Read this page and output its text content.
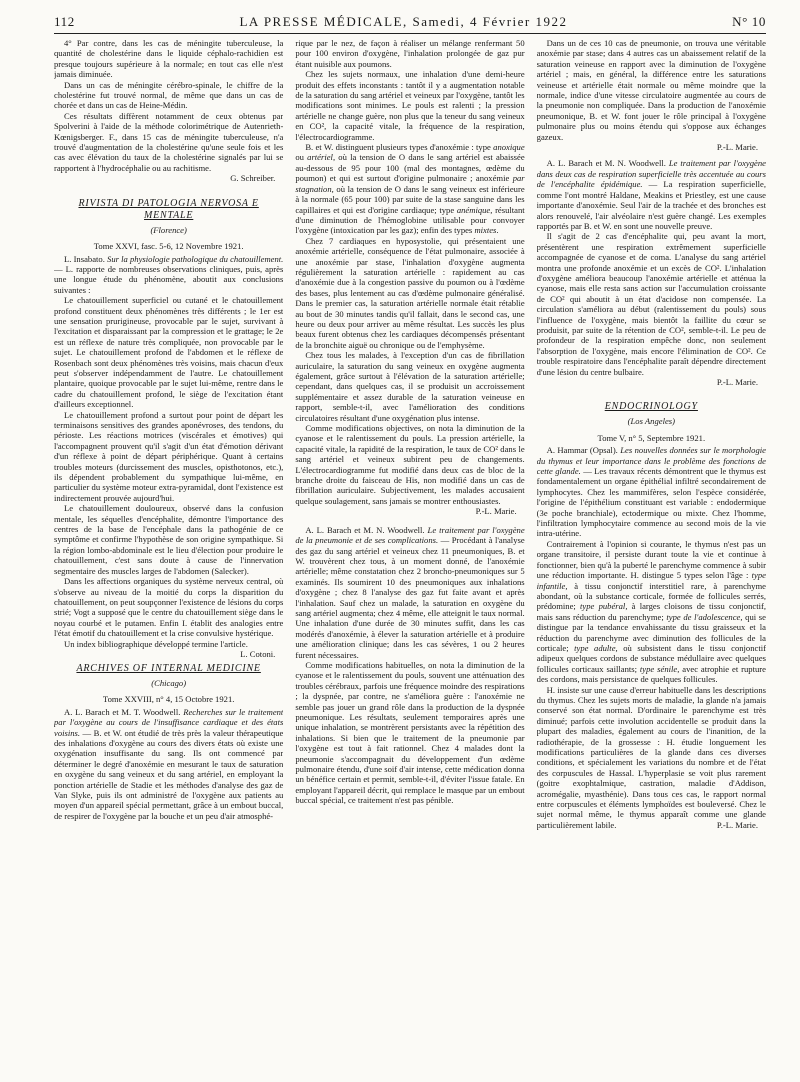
112	LA PRESSE MÉDICALE, Samedi, 4 Février 1922	N° 10

4° Par contre, dans les cas de méningite tuberculeuse, la quantité de cholestérine dans le liquide céphalo-rachidien est presque toujours supérieure à la normale; en tout cas elle n'est jamais diminuée.

Dans un cas de méningite cérébro-spinale, le chiffre de la cholestérine fut trouvé normal, de même que dans un cas de chorée et dans un cas de Heine-Médin.

Ces résultats diffèrent notamment de ceux obtenus par Spolverini à l'aide de la méthode colorimétrique de Autenrieth-Kœnigsberger. F., dans 15 cas de méningite tuberculeuse, n'a trouvé d'augmentation de la cholestérine qu'une seule fois et les cas avec élévation du taux de la cholestérine signalés par lui se rapportent à l'hydrocéphalie ou au rachitisme.

G. Schreiber.

RIVISTA DI PATOLOGIA NERVOSA E MENTALE

(Florence)

Tome XXVI, fasc. 5-6, 12 Novembre 1921.

L. Insabato. Sur la physiologie pathologique du chatouillement. — L. rapporte de nombreuses observations cliniques, puis, après une longue étude du phénomène, aboutit aux conclusions suivantes :

Le chatouillement superficiel ou cutané et le chatouillement profond constituent deux phénomènes très différents ; le 1er est une sensation prurigineuse, provocable par le sujet, survivant à l'excitation et disparaissant par la compression et le grattage; le 2e est un réflexe de nature très compliquée, non provocable par le sujet. Le chatouillement profond de l'abdomen et le réflexe de Rosenbach sont deux phénomènes très voisins, mais chacun d'eux peut s'observer indépendamment de l'autre. Le chatouillement plantaire, quoique provocable par le sujet lui-même, rentre dans le cadre du chatouillement profond, le siège de l'excitation étant d'ailleurs exceptionnel.

Le chatouillement profond a surtout pour point de départ les terminaisons sensitives des grandes aponévroses, des tendons, du périoste. Les réactions motrices (viscérales et émotives) qui l'accompagnent prouvent qu'il s'agit d'un état d'émotion dérivant d'un réflexe à point de départ périphérique. Quant à certains troubles moteurs (durcissement des muscles, opisthotonos, etc.), ils dépendent probablement du sympathique lui-même, en particulier du système moteur extra-pyramidal, dont l'existence est indirectement prouvée aujourd'hui.

Le chatouillement douloureux, observé dans la confusion mentale, les séquelles d'encéphalite, démontre l'importance des centres de la base de l'encéphale dans la pathogénie de ce symptôme et confirme l'hypothèse de son origine sympathique. Si la région lombo-abdominale est le lieu d'élection pour produire le chatouillement, c'est sans doute à cause de l'innervation segmentaire des muscles larges de l'abdomen (Salecker).

Dans les affections organiques du système nerveux central, où s'observe au niveau de la moitié du corps la disparition du chatouillement, on peut soupçonner l'existence de lésions du corps strié; Vogt a supposé que le centre du chatouillement siège dans le noyau courbé et le putamen. Enfin I. établit des analogies entre l'état émotif du chatouillement et la crise convulsive hystérique.

Un index bibliographique développé termine l'article.
L. Cotoni.

ARCHIVES OF INTERNAL MEDICINE

(Chicago)

Tome XXVIII, n° 4, 15 Octobre 1921.

A. L. Barach et M. T. Woodwell. Recherches sur le traitement par l'oxygène au cours de l'insuffisance cardiaque et des états voisins. — B. et W. ont étudié de très près la valeur thérapeutique des inhalations d'oxygène au cours des divers états où existe une oxygénation insuffisante du sang. Ils ont commencé par déterminer le degré d'anoxémie en mesurant le taux de saturation en oxygène du sang veineux et du sang artériel, en employant la ponction artérielle de Stadie et les méthodes d'analyse des gaz de Van Slyke, puis ils ont administré de l'oxygène aux patients au moyen d'un appareil spécial permettant, grâce à un embout buccal, de respirer de l'oxygène par la bouche et un peu d'air atmosphé-

rique par le nez, de façon à réaliser un mélange renfermant 50 pour 100 environ d'oxygène, l'inhalation prolongée de gaz pur étant nuisible aux poumons.

Chez les sujets normaux, une inhalation d'une demi-heure produit des effets inconstants : tantôt il y a augmentation notable de la saturation du sang artériel et veineux par l'oxygène, tantôt les modifications sont minimes. Le pouls est ralenti ; la pression artérielle ne change guère, non plus que la teneur du sang veineux en CO², la capacité vitale, la fréquence de la respiration, l'électrocardiogramme.

B. et W. distinguent plusieurs types d'anoxémie : type anoxique ou artériel, où la tension de O dans le sang artériel est abaissée au-dessous de 95 pour 100 (mal des montagnes, œdème du poumon) et qui est surtout d'origine pulmonaire ; anoxémie par stagnation, où la tension de O dans le sang veineux est inférieure à la normale (65 pour 100) par suite de la stase sanguine dans les capillaires et qui est d'origine cardiaque; type anémique, résultant d'une diminution de l'hémoglobine utilisable pour convoyer l'oxygène (intoxication par les gaz); enfin des types mixtes.

Chez 7 cardiaques en hyposystolie, qui présentaient une anoxémie artérielle, conséquence de l'état pulmonaire, associée à une anoxémie par stase, l'inhalation d'oxygène augmenta régulièrement la saturation artérielle : rapidement au cas d'anoxémie due à la congestion passive du poumon ou à l'œdème des bases, plus lentement au cas d'œdème pulmonaire généralisé. Dans le premier cas, la saturation artérielle normale était rétablie au bout de 30 minutes tandis qu'il fallait, dans le second cas, une heure ou deux pour arriver au même résultat. Les succès les plus beaux furent obtenus chez les cardiaques décompensés présentant de la bronchite aiguë ou chronique ou de l'emphysème.

Chez tous les malades, à l'exception d'un cas de fibrillation auriculaire, la saturation du sang veineux en oxygène augmenta également, grâce surtout à l'élévation de la saturation artérielle; cependant, dans quelques cas, il se produisit un accroissement supplémentaire et assez durable de la saturation veineuse en rapport, semble-t-il, avec l'amélioration des conditions circulatoires résultant d'une oxygénation plus intense.

Comme modifications objectives, on nota la diminution de la cyanose et le ralentissement du pouls. La pression artérielle, la capacité vitale, la rapidité de la respiration, le taux de CO² dans le sang artériel et veineux subirent peu de changements. L'électrocardiogramme fut modifié dans deux cas de bloc de la branche droite du faisceau de His, non modifié dans un cas de fibrillation auriculaire. Subjectivement, les malades accusaient quelque soulagement, sans jamais se montrer enthousiastes.

P.-L. Marie.

A. L. Barach et M. N. Woodwell. Le traitement par l'oxygène de la pneumonie et de ses complications. — Procédant à l'analyse des gaz du sang artériel et veineux chez 11 pneumoniques, B. et W. trouvèrent chez tous, à un moment donné, de l'anoxémie artérielle; même constatation chez 2 broncho-pneumoniques sur 5 examinés. Ils soumirent 10 des pneumoniques aux inhalations d'oxygène ; chez 8 l'analyse des gaz fut faite avant et après l'inhalation. Sauf chez un malade, la saturation en oxygène du sang artériel augmenta; chez 4 même, elle atteignit le taux normal. Une inhalation d'une durée de 30 minutes suffit, dans les cas modérés d'anoxémie, à élever la saturation artérielle et à produire une amélioration clinique; dans les cas sévères, 1 ou 2 heures furent nécessaires.

Comme modifications habituelles, on nota la diminution de la cyanose et le ralentissement du pouls, souvent une atténuation des troubles cérébraux, parfois une fréquence moindre des respirations ; la dyspnée, par contre, ne s'améliora guère : l'anoxémie ne semble pas jouer un grand rôle dans la production de la dyspnée pneumonique. Les résultats, seulement temporaires après une unique inhalation, se montrèrent persistants avec la répétition des inhalations. Si bien que le traitement de la pneumonie par l'oxygène est tout à fait rationnel. Chez 4 malades dont la pneumonie s'accompagnait du développement d'un œdème pulmonaire étendu, d'une soif d'air intense, cette médication donna un bénéfice certain et permit, semble-t-il, d'éviter l'issue fatale. En employant l'appareil décrit, qui remplace le masque par un embout buccal spécial, ce traitement n'est pas pénible.

Dans un de ces 10 cas de pneumonie, on trouva une véritable anoxémie par stase; dans 4 autres cas un abaissement relatif de la saturation veineuse en rapport avec la diminution de l'oxygène artériel ; mais, en général, la différence entre les saturations veineuse et artérielle était normale ou même moindre que la normale, indice d'une vitesse circulatoire augmentée au cours de la pneumonie non compliquée. Dans la production de l'anoxémie pneumonique, B. et W. font jouer le rôle principal à l'oxygène pulmonaire plus ou moins étendu qui s'oppose aux échanges gazeux.

P.-L. Marie.

A. L. Barach et M. N. Woodwell. Le traitement par l'oxygène dans deux cas de respiration superficielle très accentuée au cours de l'encéphalite épidémique. — La respiration superficielle, comme l'ont montré Haldane, Meakins et Priestley, est une cause importante d'anoxémie. Seul l'air de la trachée et des bronches est alors renouvelé, l'air alvéolaire n'est guère changé. Les exemples rapportés par B. et W. en sont une nouvelle preuve.

Il s'agit de 2 cas d'encéphalite qui, peu avant la mort, présentèrent une respiration extrêmement superficielle accompagnée de cyanose et de coma. L'analyse du sang artériel montra une profonde anoxémie et un excès de CO². L'inhalation d'oxygène améliora beaucoup l'anoxémie artérielle et atténua la cyanose, mais elle resta sans action sur l'accumulation croissante de CO² qui aboutit à un état d'acidose non compensée. La circulation s'améliora au début (ralentissement du pouls) sous l'influence de l'oxygène, mais bientôt la faillite du cœur se produisit, par suite de la rétention de CO², semble-t-il. Le peu de profondeur de la respiration empêche donc, non seulement l'absorption de l'oxygène, mais encore l'élimination de CO². Ce trouble respiratoire dans l'encéphalite paraît dépendre directement d'une lésion du centre bulbaire.

P.-L. Marie.

ENDOCRINOLOGY

(Los Angeles)

Tome V, n° 5, Septembre 1921.

A. Hammar (Opsal). Les nouvelles données sur le morphologie du thymus et leur importance dans le problème des fonctions de cette glande. — Les travaux récents démontrent que le thymus est fondamentalement un organe épithélial infiltré secondairement de lymphocytes. Chez les mammifères, selon l'espèce considérée, l'origine de l'épithélium constituant est variable : endodermique (3e poche branchiale), ectodermique ou mixte. Chez l'homme, l'infiltration lymphocytaire commence au second mois de la vie intra-utérine.

Contrairement à l'opinion si courante, le thymus n'est pas un organe transitoire, il persiste durant toute la vie et continue à fonctionner, bien qu'à la puberté le parenchyme commence à subir une réduction importante. H. distingue 5 types selon l'âge : type infantile, à tissu conjonctif interstitiel rare, à parenchyme abondant, où la substance corticale, formée de follicules serrés, prédomine; type pubéral, à larges cloisons de tissu conjonctif, mais sans réduction du parenchyme; type de l'adolescence, qui se distingue par la tendance envahissante du tissu graisseux et la réduction du parenchyme avec diminution des follicules de la corticale; type adulte, où subsistent dans le tissu conjonctif adipeux quelques cordons de substance médullaire avec quelques follicules corticaux saillants; type sénile, avec atrophie et rupture des cordons, mais persistance de quelques follicules.

H. insiste sur une cause d'erreur habituelle dans les descriptions du thymus. Chez les sujets morts de maladie, la glande n'a jamais conservé son état normal. D'ordinaire le parenchyme est très diminué; parfois cette involution accidentelle se produit dans la plupart des maladies, également au cours de l'inanition, de la radiothérapie, de la grossesse : H. étudie longuement les modifications particulières de la glande dans ces diverses conditions, et spécialement les variations du nombre et de l'état des corpuscules de Hassal. L'hyperplasie se voit plus rarement (goitre exophtalmique, castration, maladie d'Addison, acromégalie, myasthénie). Dans tous ces cas, le rapport normal entre corpuscules et éléments lymphoïdes est bouleversé. Chez le sujet normal même, le thymus apparaît comme une glande particulièrement labile.	P.-L. Marie.
